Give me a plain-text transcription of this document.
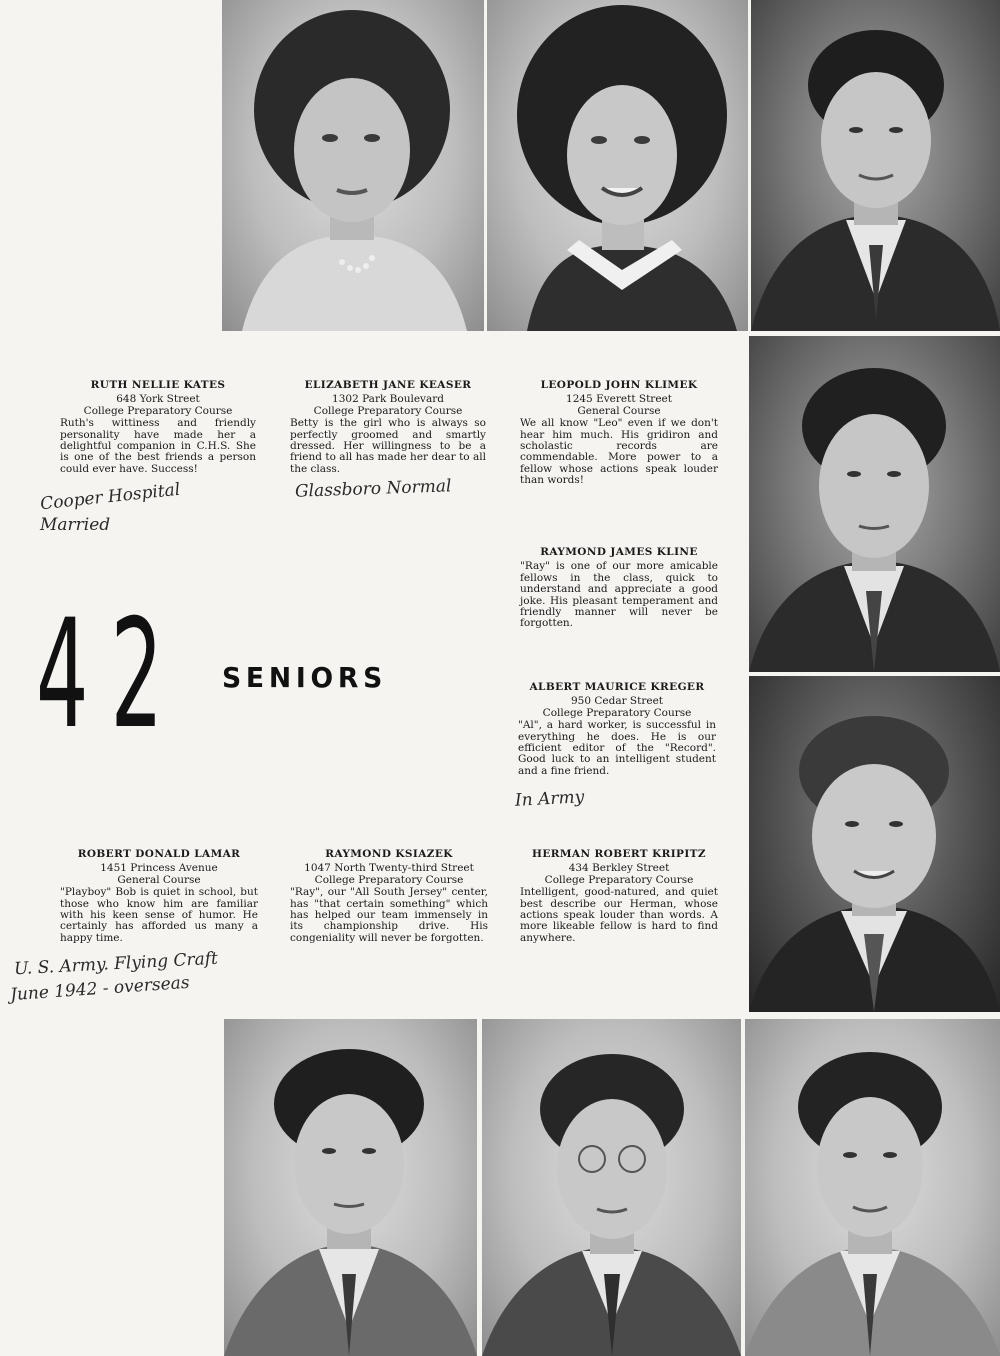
42 SENIORS
RUTH NELLIE KATES
648 York Street
College Preparatory Course
Ruth's wittiness and friendly personality have made her a delightful companion in C.H.S. She is one of the best friends a person could ever have. Success!
Cooper Hospital
Married
ELIZABETH JANE KEASER
1302 Park Boulevard
College Preparatory Course
Betty is the girl who is always so perfectly groomed and smartly dressed. Her willingness to be a friend to all has made her dear to all the class.
Glassboro Normal
LEOPOLD JOHN KLIMEK
1245 Everett Street
General Course
We all know "Leo" even if we don't hear him much. His gridiron and scholastic records are commendable. More power to a fellow whose actions speak louder than words!
RAYMOND JAMES KLINE
"Ray" is one of our more amicable fellows in the class, quick to understand and appreciate a good joke. His pleasant temperament and friendly manner will never be forgotten.
ALBERT MAURICE KREGER
950 Cedar Street
College Preparatory Course
"Al", a hard worker, is successful in everything he does. He is our efficient editor of the "Record". Good luck to an intelligent student and a fine friend.
In Army
ROBERT DONALD LAMAR
1451 Princess Avenue
General Course
"Playboy" Bob is quiet in school, but those who know him are familiar with his keen sense of humor. He certainly has afforded us many a happy time.
U. S. Army. Flying Craft
June 1942 - overseas
RAYMOND KSIAZEK
1047 North Twenty-third Street
College Preparatory Course
"Ray", our "All South Jersey" center, has "that certain something" which has helped our team immensely in its championship drive. His congeniality will never be forgotten.
HERMAN ROBERT KRIPITZ
434 Berkley Street
College Preparatory Course
Intelligent, good-natured, and quiet best describe our Herman, whose actions speak louder than words. A more likeable fellow is hard to find anywhere.
